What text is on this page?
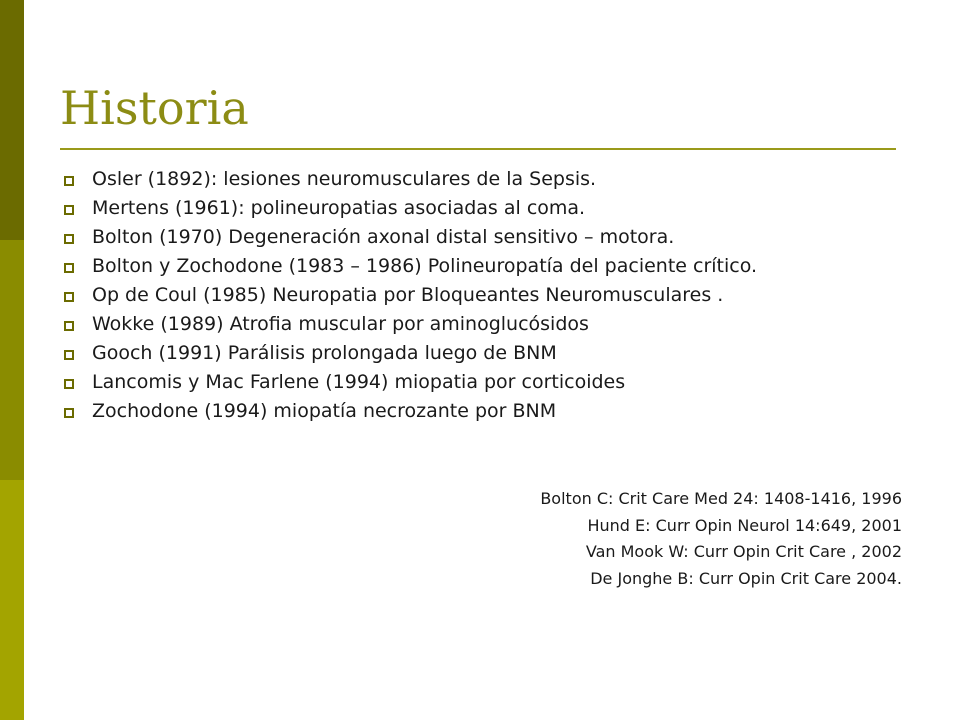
Historia
Osler (1892): lesiones neuromusculares de la Sepsis.
Mertens (1961): polineuropatias asociadas al coma.
Bolton (1970) Degeneración axonal distal sensitivo – motora.
Bolton y Zochodone (1983 – 1986) Polineuropatía del paciente crítico.
Op de Coul (1985) Neuropatia por Bloqueantes Neuromusculares .
Wokke (1989) Atrofia muscular por aminoglucósidos
Gooch (1991) Parálisis prolongada luego de BNM
Lancomis y Mac Farlene (1994) miopatia por corticoides
Zochodone (1994) miopatía necrozante por BNM
Bolton C: Crit Care Med 24: 1408-1416, 1996
Hund E: Curr Opin Neurol 14:649, 2001
Van Mook W: Curr Opin Crit Care , 2002
De Jonghe B: Curr Opin Crit Care 2004.
